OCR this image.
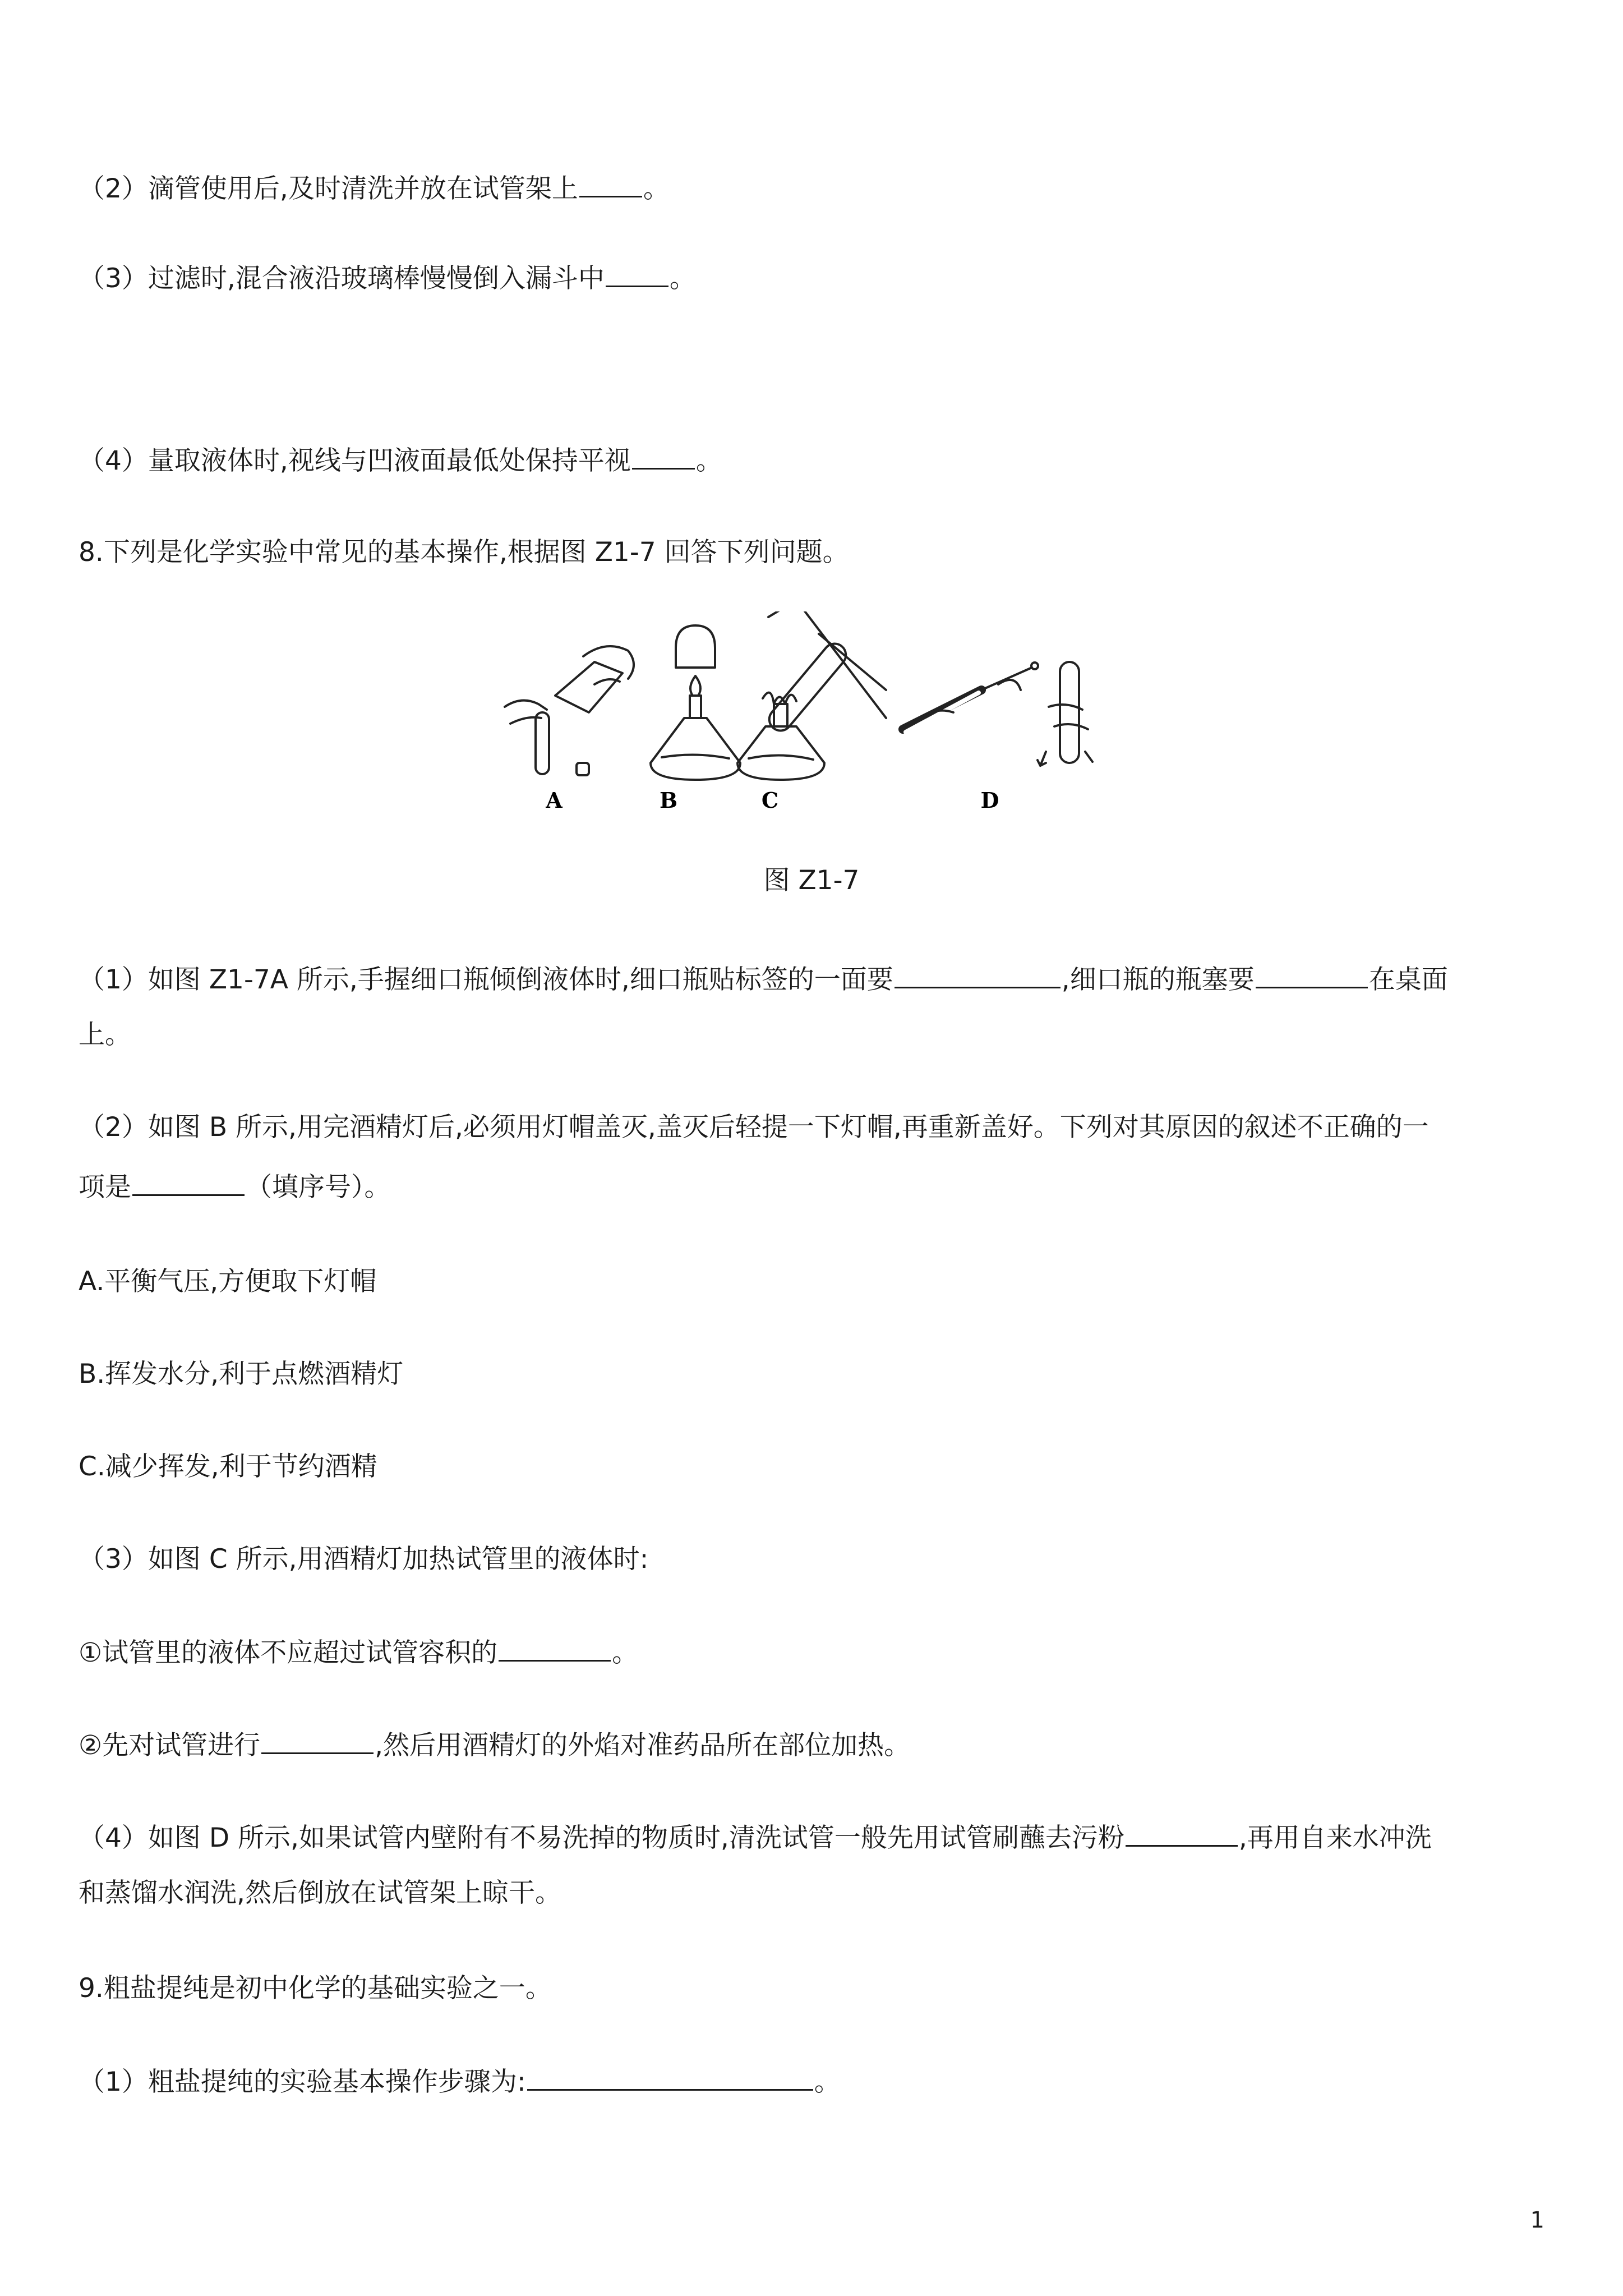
（2）滴管使用后,及时清洗并放在试管架上 。
（3）过滤时,混合液沿玻璃棒慢慢倒入漏斗中 。
（4）量取液体时,视线与凹液面最低处保持平视 。
8.下列是化学实验中常见的基本操作,根据图 Z1-7 回答下列问题。
A	B	C	D
图 Z1-7
（1）如图 Z1-7A 所示,手握细口瓶倾倒液体时,细口瓶贴标签的一面要	,细口瓶的瓶塞要	在桌面
上。
（2）如图 B 所示,用完酒精灯后,必须用灯帽盖灭,盖灭后轻提一下灯帽,再重新盖好。下列对其原因的叙述不正确的一
项是	（填序号）。
A.平衡气压,方便取下灯帽
B.挥发水分,利于点燃酒精灯
C.减少挥发,利于节约酒精
（3）如图 C 所示,用酒精灯加热试管里的液体时:
①试管里的液体不应超过试管容积的	。
②先对试管进行	,然后用酒精灯的外焰对准药品所在部位加热。
（4）如图 D 所示,如果试管内壁附有不易洗掉的物质时,清洗试管一般先用试管刷蘸去污粉	,再用自来水冲洗
和蒸馏水润洗,然后倒放在试管架上晾干。
9.粗盐提纯是初中化学的基础实验之一。
（1）粗盐提纯的实验基本操作步骤为:	。
1
